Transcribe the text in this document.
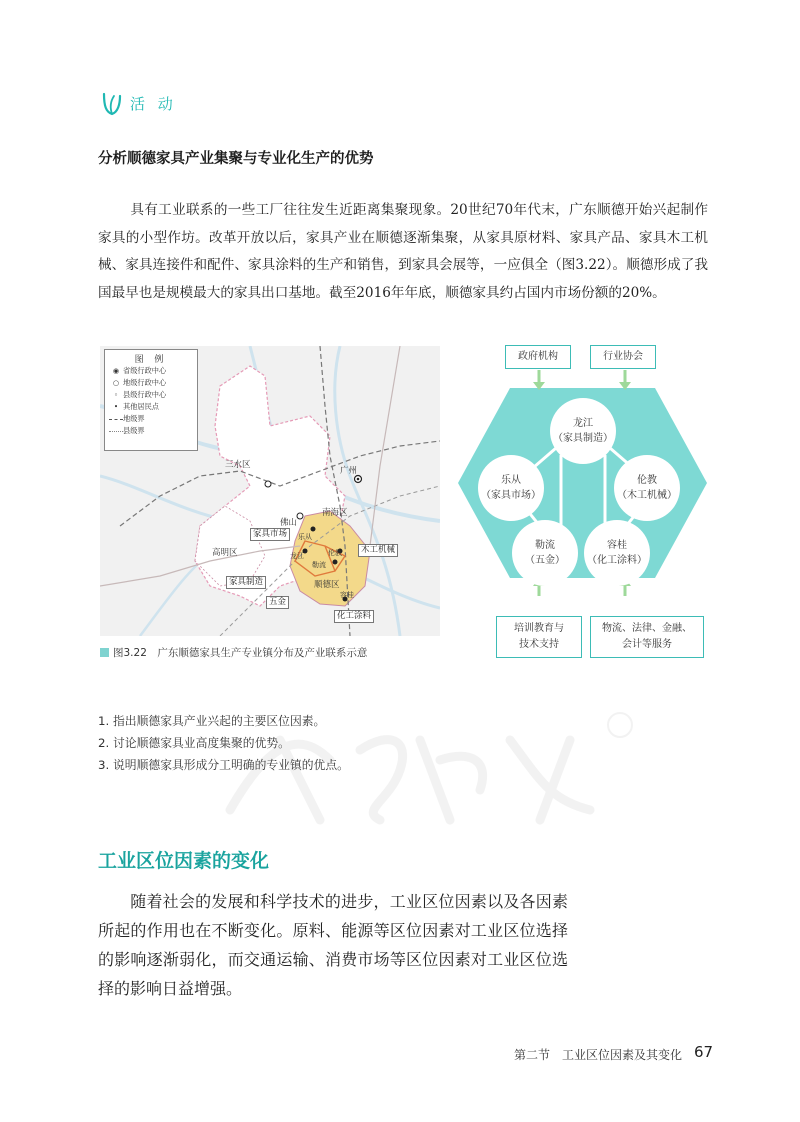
活 动
分析顺德家具产业集聚与专业化生产的优势
具有工业联系的一些工厂往往发生近距离集聚现象。20世纪70年代末，广东顺德开始兴起制作家具的小型作坊。改革开放以后，家具产业在顺德逐渐集聚，从家具原材料、家具产品、家具木工机械、家具连接件和配件、家具涂料的生产和销售，到家具会展等，一应俱全（图3.22）。顺德形成了我国最早也是规模最大的家具出口基地。截至2016年年底，顺德家具约占国内市场份额的20%。
三水区
广州
南海区
佛山
高明区
顺德区
乐从
龙江	伦教
勒流
容桂
家具市场
家具制造
五金
木工机械
化工涂料
图 例
◉ 省级行政中心
○ 地级行政中心
◦ 县级行政中心
• 其他居民点
地级界
县级界
图3.22　广东顺德家具生产专业镇分布及产业联系示意
政府机构	行业协会
培训教育与
技术支持
物流、法律、金融、
会计等服务
龙江
（家具制造）
乐从
（家具市场）
伦教
（木工机械）
勒流
（五金）
容桂
（化工涂料）
1. 指出顺德家具产业兴起的主要区位因素。
2. 讨论顺德家具业高度集聚的优势。
3. 说明顺德家具形成分工明确的专业镇的优点。
工业区位因素的变化
随着社会的发展和科学技术的进步，工业区位因素以及各因素所起的作用也在不断变化。原料、能源等区位因素对工业区位选择的影响逐渐弱化，而交通运输、消费市场等区位因素对工业区位选择的影响日益增强。
第二节　工业区位因素及其变化 67
